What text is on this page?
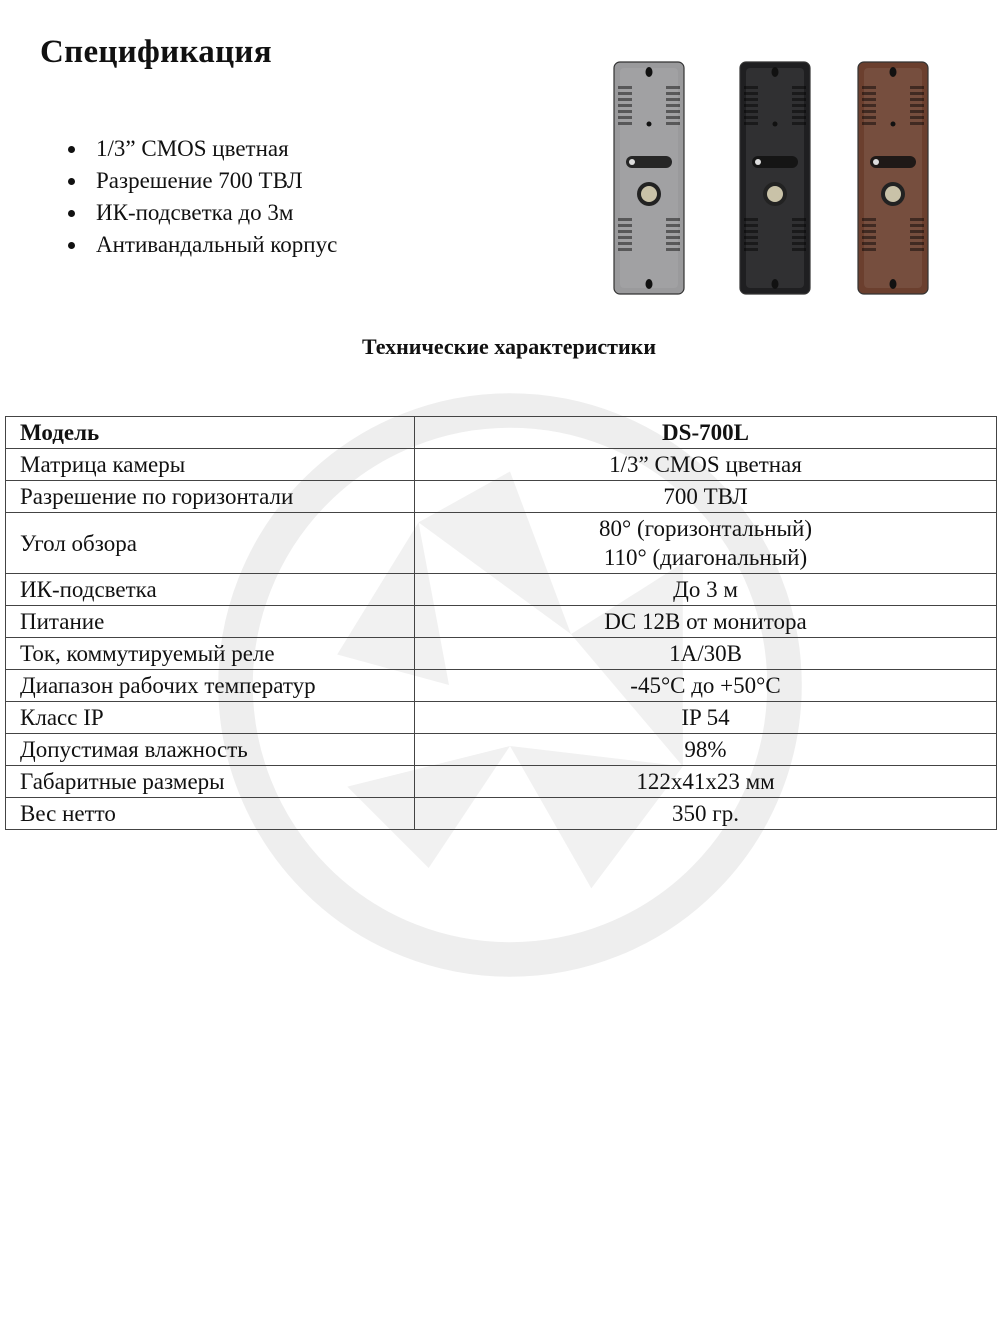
Спецификация
1/3” CMOS цветная
Разрешение 700 ТВЛ
ИК-подсветка до 3м
Антивандальный корпус
Технические характеристики
Модель	DS-700L
Матрица камеры	1/3” CMOS цветная
Разрешение по горизонтали	700 ТВЛ
Угол обзора	80° (горизонтальный)
110° (диагональный)

ИК-подсветка	До 3 м
Питание	DC 12В от монитора
Ток, коммутируемый реле	1А/30В
Диапазон рабочих температур	-45°С до +50°С
Класс IP	IP 54
Допустимая влажность	98%
Габаритные размеры	122x41x23 мм
Вес нетто	350 гр.
